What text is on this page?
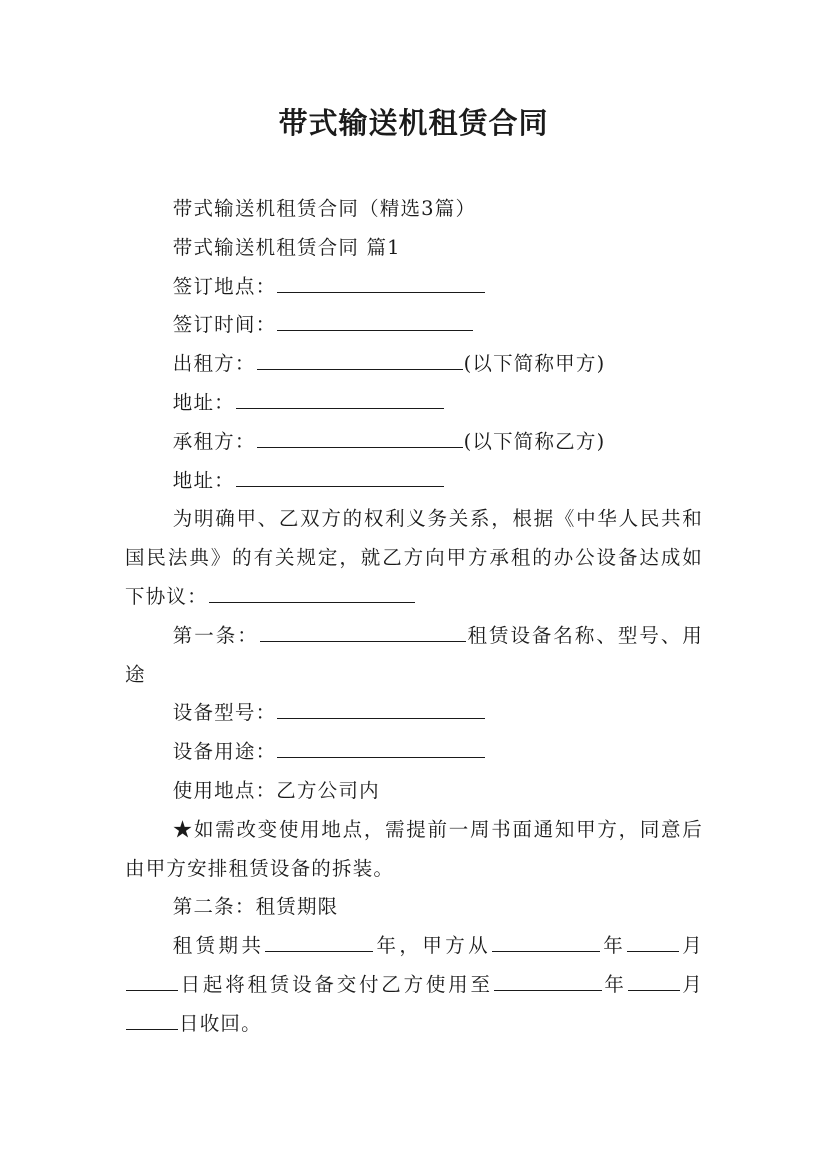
带式输送机租赁合同

带式输送机租赁合同（精选3篇）

带式输送机租赁合同 篇1

签订地点：

签订时间：

出租方：	(以下简称甲方)

地址：

承租方：	(以下简称乙方)

地址：

为明确甲、乙双方的权利义务关系，根据《中华人民共和国民法典》的有关规定，就乙方向甲方承租的办公设备达成如下协议：

第一条：	租赁设备名称、型号、用途

设备型号：

设备用途：

使用地点：乙方公司内

★如需改变使用地点，需提前一周书面通知甲方，同意后由甲方安排租赁设备的拆装。

第二条：租赁期限

租赁期共	年，甲方从	年	月日起将租赁设备交付乙方使用至	年	月日收回。
